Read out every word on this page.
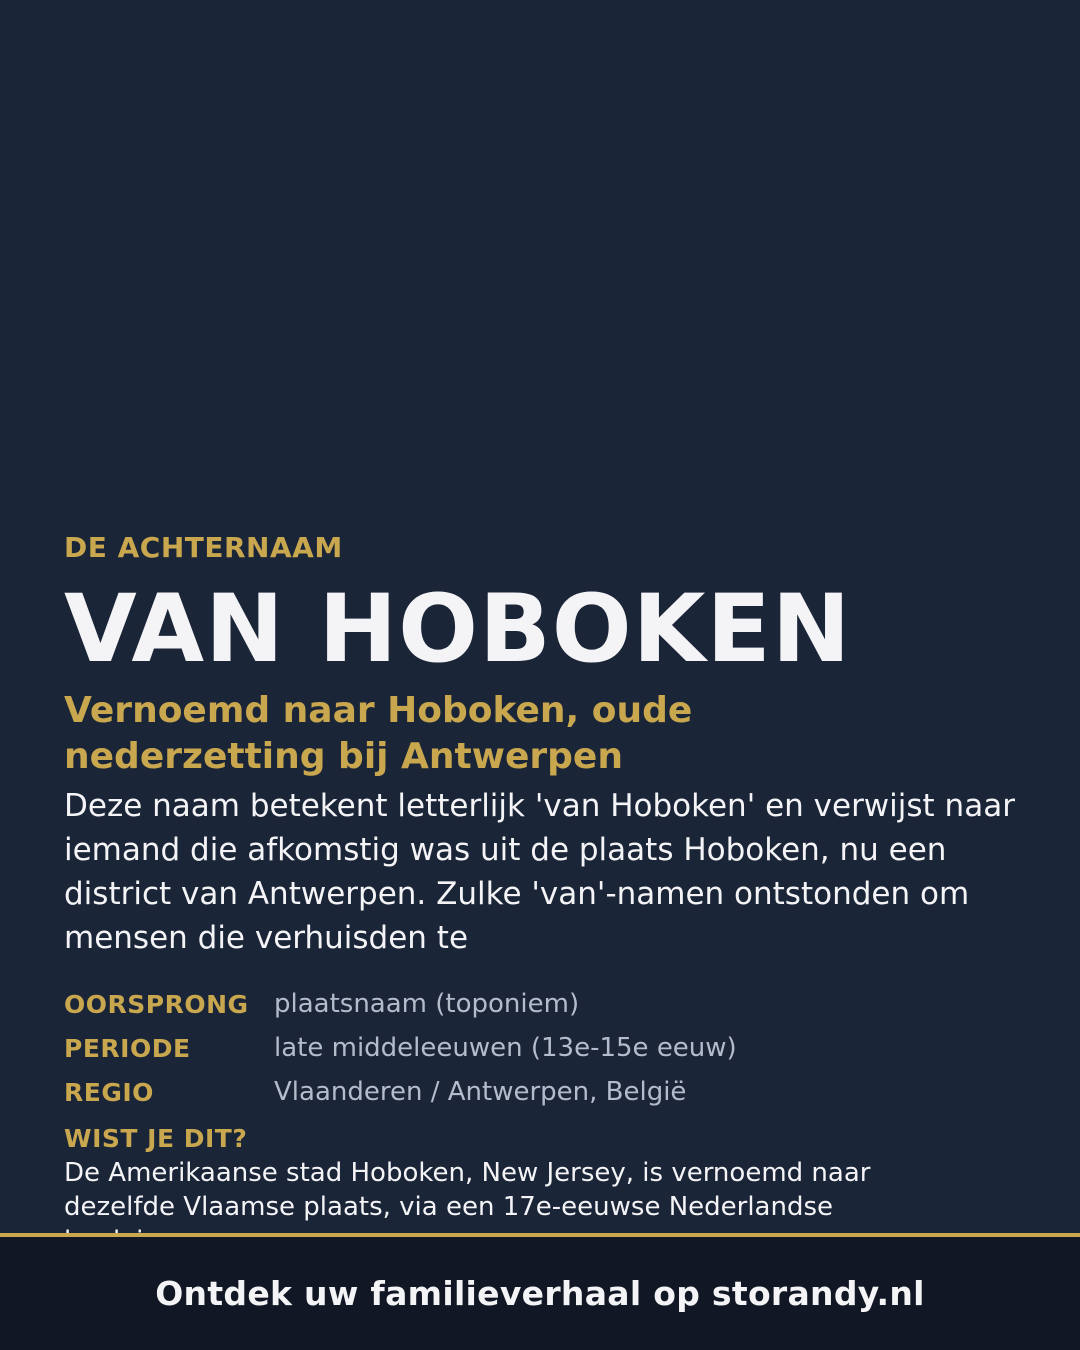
DE ACHTERNAAM

VAN HOBOKEN
Vernoemd naar Hoboken, oude nederzetting bij Antwerpen

Deze naam betekent letterlijk 'van Hoboken' en verwijst naar iemand die afkomstig was uit de plaats Hoboken, nu een district van Antwerpen. Zulke 'van'-namen ontstonden om mensen die verhuisden te

OORSPRONG plaatsnaam (toponiem)
PERIODE	late middeleeuwen (13e-15e eeuw)
REGIO	Vlaanderen / Antwerpen, België

WIST JE DIT?

De Amerikaanse stad Hoboken, New Jersey, is vernoemd naar dezelfde Vlaamse plaats, via een 17e-eeuwse Nederlandse

Ontdek uw familieverhaal op storandy.nl
